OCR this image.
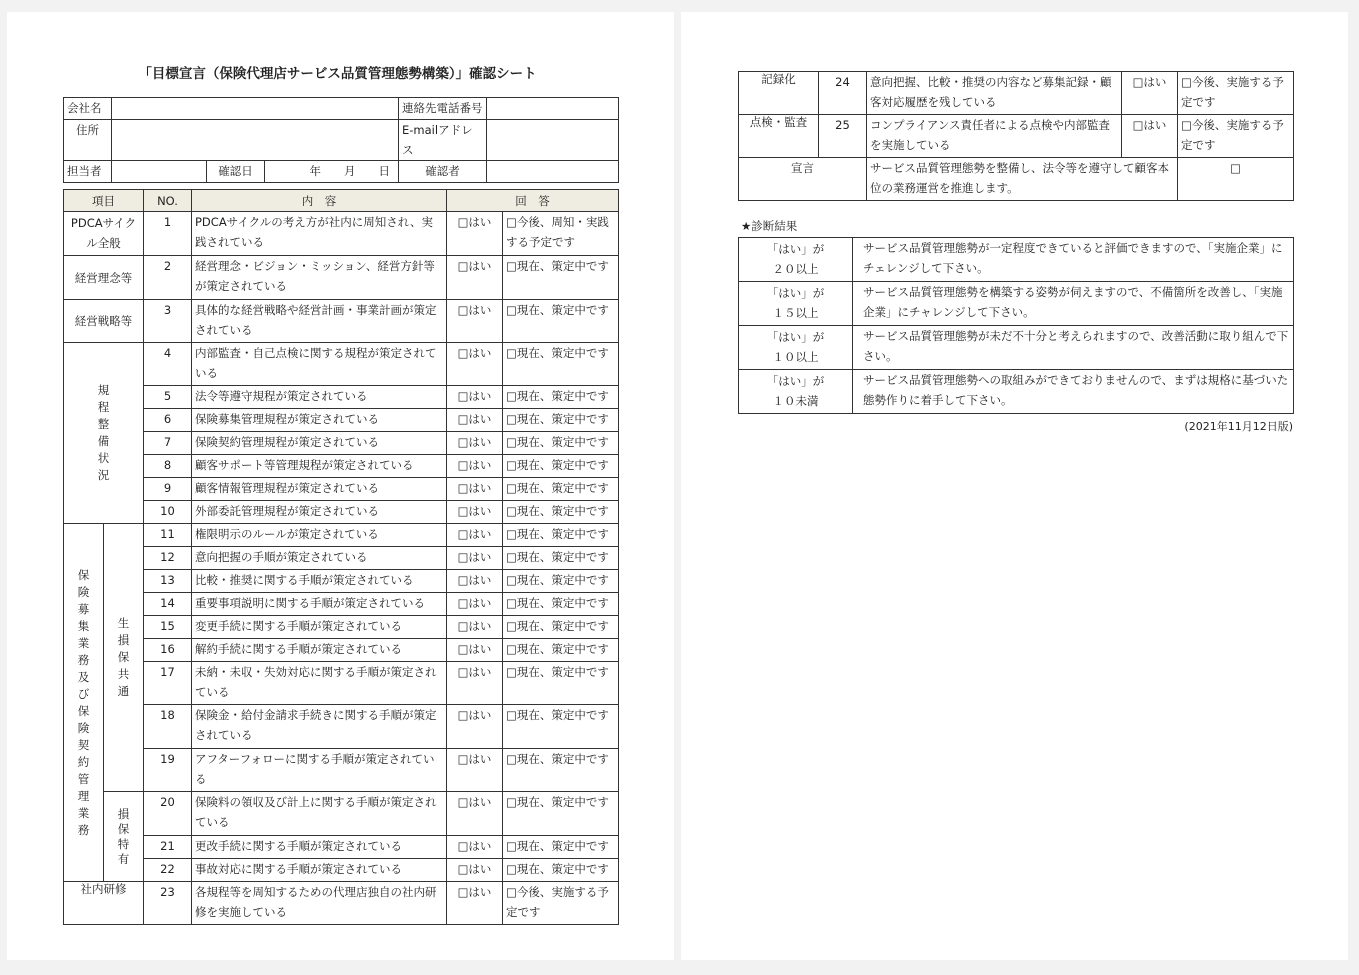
「目標宣言（保険代理店サービス品質管理態勢構築）」確認シート
会社名				連絡先電話番号	
住所				E-mailアドレス	
担当者		確認日	年　　月　　日	確認者	
項目		NO.	内　容	回　答	
PDCAサイクル全般		1	PDCAサイクルの考え方が社内に周知され、実践されている	□はい	□今後、周知・実践する予定です
経営理念等		2	経営理念・ビジョン・ミッション、経営方針等が策定されている	□はい	□現在、策定中です
経営戦略等		3	具体的な経営戦略や経営計画・事業計画が策定されている	□はい	□現在、策定中です

規程整備状況		4	内部監査・自己点検に関する規程が策定されている	□はい	□現在、策定中です
		5	法令等遵守規程が策定されている	□はい	□現在、策定中です
		6	保険募集管理規程が策定されている	□はい	□現在、策定中です
		7	保険契約管理規程が策定されている	□はい	□現在、策定中です
		8	顧客サポート等管理規程が策定されている	□はい	□現在、策定中です
		9	顧客情報管理規程が策定されている	□はい	□現在、策定中です
		10	外部委託管理規程が策定されている	□はい	□現在、策定中です

保険募集業務及び保険契約管理業務	生損保共通	11	権限明示のルールが策定されている	□はい	□現在、策定中です
		12	意向把握の手順が策定されている	□はい	□現在、策定中です
		13	比較・推奨に関する手順が策定されている	□はい	□現在、策定中です
		14	重要事項説明に関する手順が策定されている	□はい	□現在、策定中です
		15	変更手続に関する手順が策定されている	□はい	□現在、策定中です
		16	解約手続に関する手順が策定されている	□はい	□現在、策定中です
		17	未納・未収・失効対応に関する手順が策定されている	□はい	□現在、策定中です
		18	保険金・給付金請求手続きに関する手順が策定されている	□はい	□現在、策定中です
		19	アフターフォローに関する手順が策定されている	□はい	□現在、策定中です

	損保特有	20	保険料の領収及び計上に関する手順が策定されている	□はい	□現在、策定中です
		21	更改手続に関する手順が策定されている	□はい	□現在、策定中です
		22	事故対応に関する手順が策定されている	□はい	□現在、策定中です
社内研修		23	各規程等を周知するための代理店独自の社内研修を実施している	□はい	□今後、実施する予定です
記録化	24	意向把握、比較・推奨の内容など募集記録・顧客対応履歴を残している	□はい	□今後、実施する予定です
点検・監査	25	コンプライアンス責任者による点検や内部監査を実施している	□はい	□今後、実施する予定です
宣言		サービス品質管理態勢を整備し、法令等を遵守して顧客本位の業務運営を推進します。		□
★診断結果
「はい」が２０以上	サービス品質管理態勢が一定程度できていると評価できますので、「実施企業」にチェレンジして下さい。
「はい」が１５以上	サービス品質管理態勢を構築する姿勢が伺えますので、不備箇所を改善し、「実施企業」にチャレンジして下さい。
「はい」が１０以上	サービス品質管理態勢が未だ不十分と考えられますので、改善活動に取り組んで下さい。
「はい」が１０未満	サービス品質管理態勢への取組みができておりませんので、まずは規格に基づいた態勢作りに着手して下さい。
(2021年11月12日版)
